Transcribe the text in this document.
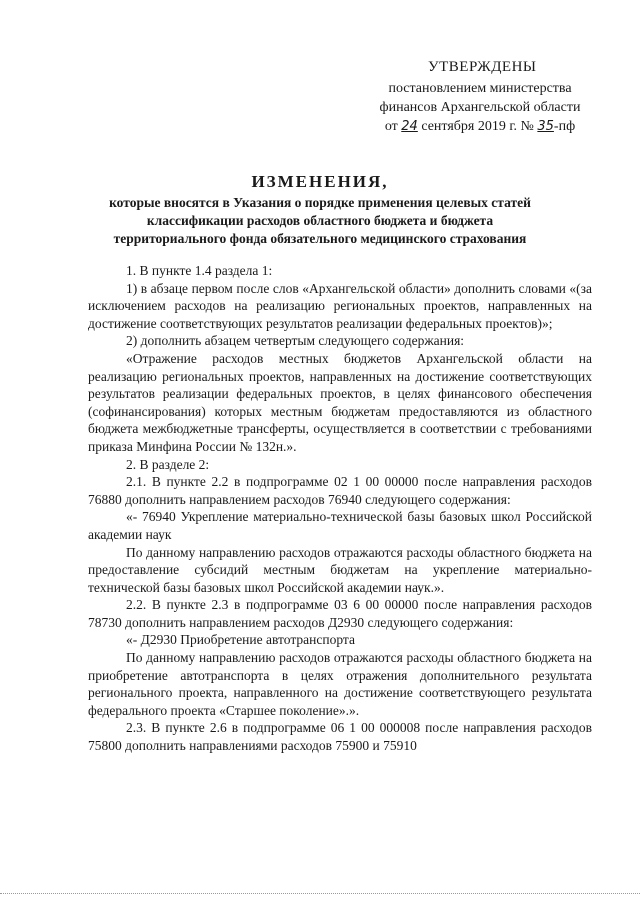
УТВЕРЖДЕНЫ
постановлением министерства
финансов Архангельской области
от 24 сентября 2019 г. № 35-пф
ИЗМЕНЕНИЯ,
которые вносятся в Указания о порядке применения целевых статей
классификации расходов областного бюджета и бюджета
территориального фонда обязательного медицинского страхования

1. В пункте 1.4 раздела 1:

1) в абзаце первом после слов «Архангельской области» дополнить словами «(за исключением расходов на реализацию региональных проектов, направленных на достижение соответствующих результатов реализации федеральных проектов)»;

2) дополнить абзацем четвертым следующего содержания:

«Отражение расходов местных бюджетов Архангельской области на реализацию региональных проектов, направленных на достижение соответствующих результатов реализации федеральных проектов, в целях финансового обеспечения (софинансирования) которых местным бюджетам предоставляются из областного бюджета межбюджетные трансферты, осуществляется в соответствии с требованиями приказа Минфина России № 132н.».

2. В разделе 2:

2.1. В пункте 2.2 в подпрограмме 02 1 00 00000 после направления расходов 76880 дополнить направлением расходов 76940 следующего содержания:

«- 76940 Укрепление материально-технической базы базовых школ Российской академии наук

По данному направлению расходов отражаются расходы областного бюджета на предоставление субсидий местным бюджетам на укрепление материально-технической базы базовых школ Российской академии наук.».

2.2. В пункте 2.3 в подпрограмме 03 6 00 00000 после направления расходов 78730 дополнить направлением расходов Д2930 следующего содержания:

«- Д2930 Приобретение автотранспорта

По данному направлению расходов отражаются расходы областного бюджета на приобретение автотранспорта в целях отражения дополнительного результата регионального проекта, направленного на достижение соответствующего результата федерального проекта «Старшее поколение».».

2.3. В пункте 2.6 в подпрограмме 06 1 00 000008 после направления расходов 75800 дополнить направлениями расходов 75900 и 75910
